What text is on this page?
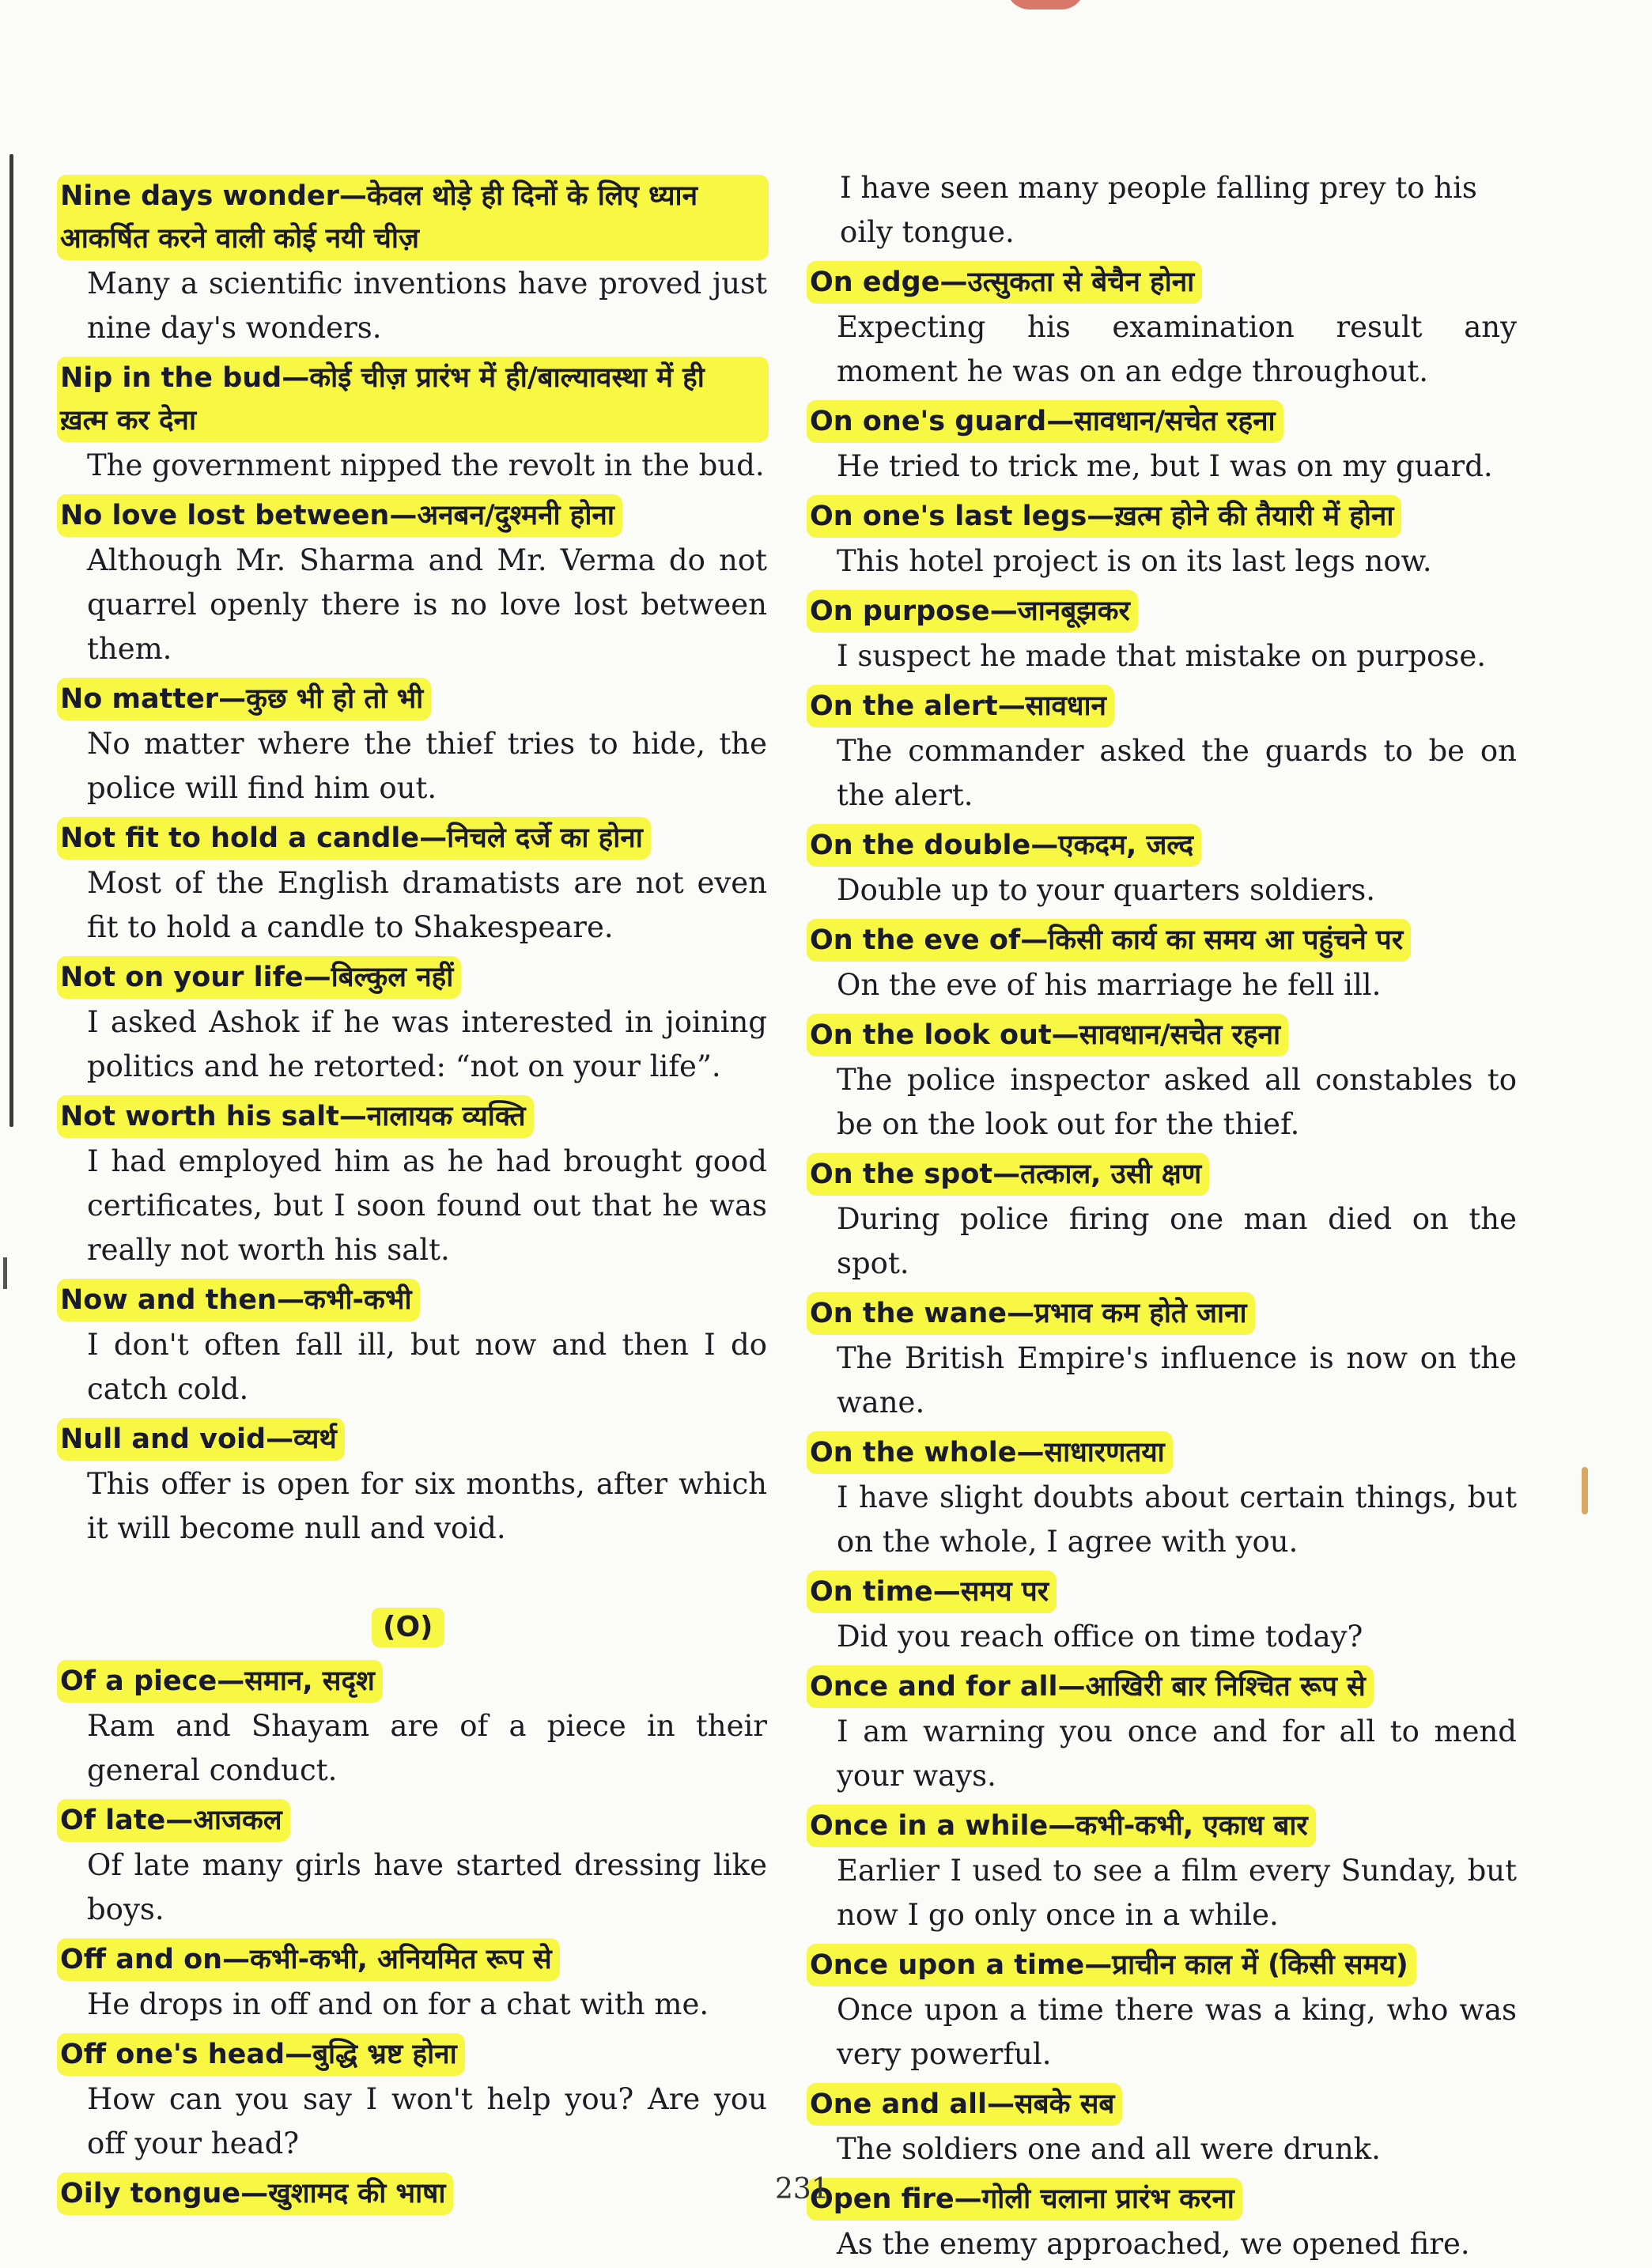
Nine days wonder—केवल थोड़े ही दिनों के लिए ध्यान आकर्षित करने वाली कोई नयी चीज़
Many a scientific inventions have proved just nine day's wonders.
Nip in the bud—कोई चीज़ प्रारंभ में ही/बाल्यावस्था में ही ख़त्म कर देना
The government nipped the revolt in the bud.
No love lost between—अनबन/दुश्मनी होना
Although Mr. Sharma and Mr. Verma do not quarrel openly there is no love lost between them.
No matter—कुछ भी हो तो भी
No matter where the thief tries to hide, the police will find him out.
Not fit to hold a candle—निचले दर्जे का होना
Most of the English dramatists are not even fit to hold a candle to Shakespeare.
Not on your life—बिल्कुल नहीं
I asked Ashok if he was interested in joining politics and he retorted: “not on your life”.
Not worth his salt—नालायक व्यक्ति
I had employed him as he had brought good certificates, but I soon found out that he was really not worth his salt.
Now and then—कभी-कभी
I don't often fall ill, but now and then I do catch cold.
Null and void—व्यर्थ
This offer is open for six months, after which it will become null and void.
(O)
Of a piece—समान, सदृश
Ram and Shayam are of a piece in their general conduct.
Of late—आजकल
Of late many girls have started dressing like boys.
Off and on—कभी-कभी, अनियमित रूप से
He drops in off and on for a chat with me.
Off one's head—बुद्धि भ्रष्ट होना
How can you say I won't help you? Are you off your head?
Oily tongue—खुशामद की भाषा
I have seen many people falling prey to his oily tongue.
On edge—उत्सुकता से बेचैन होना
Expecting his examination result any moment he was on an edge throughout.
On one's guard—सावधान/सचेत रहना
He tried to trick me, but I was on my guard.
On one's last legs—ख़त्म होने की तैयारी में होना
This hotel project is on its last legs now.
On purpose—जानबूझकर
I suspect he made that mistake on purpose.
On the alert—सावधान
The commander asked the guards to be on the alert.
On the double—एकदम, जल्द
Double up to your quarters soldiers.
On the eve of—किसी कार्य का समय आ पहुंचने पर
On the eve of his marriage he fell ill.
On the look out—सावधान/सचेत रहना
The police inspector asked all constables to be on the look out for the thief.
On the spot—तत्काल, उसी क्षण
During police firing one man died on the spot.
On the wane—प्रभाव कम होते जाना
The British Empire's influence is now on the wane.
On the whole—साधारणतया
I have slight doubts about certain things, but on the whole, I agree with you.
On time—समय पर
Did you reach office on time today?
Once and for all—आखिरी बार निश्चित रूप से
I am warning you once and for all to mend your ways.
Once in a while—कभी-कभी, एकाध बार
Earlier I used to see a film every Sunday, but now I go only once in a while.
Once upon a time—प्राचीन काल में (किसी समय)
Once upon a time there was a king, who was very powerful.
One and all—सबके सब
The soldiers one and all were drunk.
Open fire—गोली चलाना प्रारंभ करना
As the enemy approached, we opened fire.
231
